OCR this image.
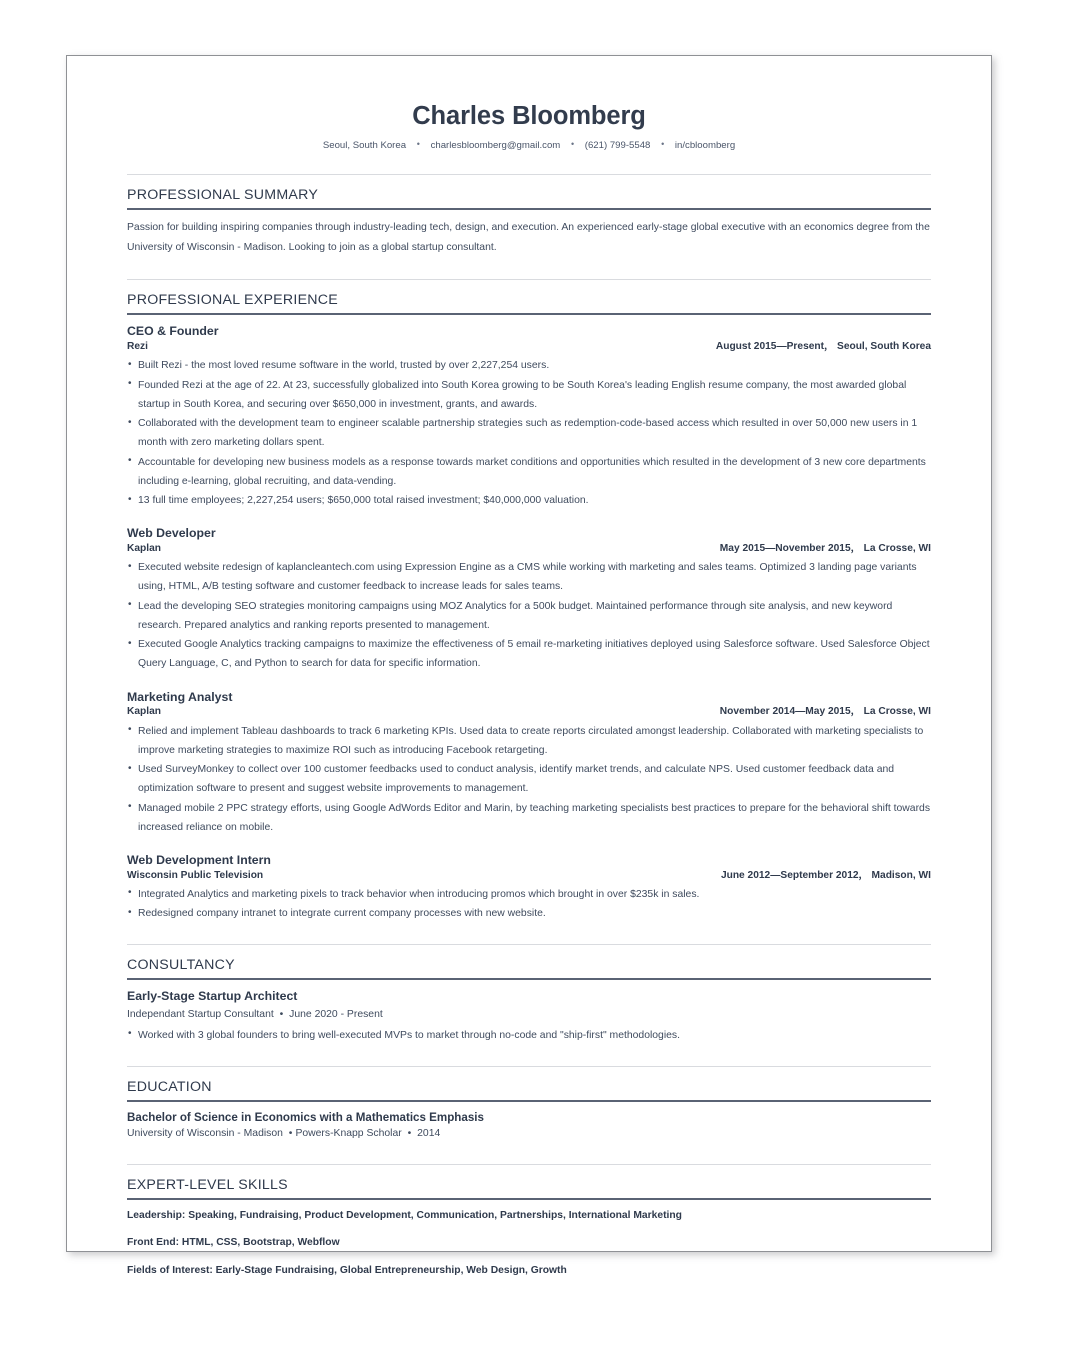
Charles Bloomberg

Seoul, South Korea • charlesbloomberg@gmail.com • (621) 799-5548 • in/cbloomberg

PROFESSIONAL SUMMARY

Passion for building inspiring companies through industry-leading tech, design, and execution. An experienced early-stage global executive with an economics degree from the University of Wisconsin - Madison. Looking to join as a global startup consultant.

PROFESSIONAL EXPERIENCE
CEO & Founder
Rezi	August 2015—Present， Seoul, South Korea
• Built Rezi - the most loved resume software in the world, trusted by over 2,227,254 users.
• Founded Rezi at the age of 22. At 23, successfully globalized into South Korea growing to be South Korea's leading English resume company, the most awarded global startup in South Korea, and securing over $650,000 in investment, grants, and awards.
• Collaborated with the development team to engineer scalable partnership strategies such as redemption-code-based access which resulted in over 50,000 new users in 1 month with zero marketing dollars spent.
• Accountable for developing new business models as a response towards market conditions and opportunities which resulted in the development of 3 new core departments including e-learning, global recruiting, and data-vending.
• 13 full time employees; 2,227,254 users; $650,000 total raised investment; $40,000,000 valuation.
Web Developer
Kaplan	May 2015—November 2015， La Crosse, WI
• Executed website redesign of kaplancleantech.com using Expression Engine as a CMS while working with marketing and sales teams. Optimized 3 landing page variants using, HTML, A/B testing software and customer feedback to increase leads for sales teams.
• Lead the developing SEO strategies monitoring campaigns using MOZ Analytics for a 500k budget. Maintained performance through site analysis, and new keyword research. Prepared analytics and ranking reports presented to management.
• Executed Google Analytics tracking campaigns to maximize the effectiveness of 5 email re-marketing initiatives deployed using Salesforce software. Used Salesforce Object Query Language, C, and Python to search for data for specific information.
Marketing Analyst
Kaplan	November 2014—May 2015， La Crosse, WI
• Relied and implement Tableau dashboards to track 6 marketing KPIs. Used data to create reports circulated amongst leadership. Collaborated with marketing specialists to improve marketing strategies to maximize ROI such as introducing Facebook retargeting.
• Used SurveyMonkey to collect over 100 customer feedbacks used to conduct analysis, identify market trends, and calculate NPS. Used customer feedback data and optimization software to present and suggest website improvements to management.
• Managed mobile 2 PPC strategy efforts, using Google AdWords Editor and Marin, by teaching marketing specialists best practices to prepare for the behavioral shift towards increased reliance on mobile.
Web Development Intern
Wisconsin Public Television	June 2012—September 2012， Madison, WI
• Integrated Analytics and marketing pixels to track behavior when introducing promos which brought in over $235k in sales.
• Redesigned company intranet to integrate current company processes with new website.
CONSULTANCY
Early-Stage Startup Architect
Independant Startup Consultant • June 2020 - Present
• Worked with 3 global founders to bring well-executed MVPs to market through no-code and "ship-first" methodologies.
EDUCATION
Bachelor of Science in Economics with a Mathematics Emphasis
University of Wisconsin - Madison • Powers-Knapp Scholar • 2014
EXPERT-LEVEL SKILLS
Leadership: Speaking, Fundraising, Product Development, Communication, Partnerships, International Marketing
Front End: HTML, CSS, Bootstrap, Webflow
Fields of Interest: Early-Stage Fundraising, Global Entrepreneurship, Web Design, Growth
